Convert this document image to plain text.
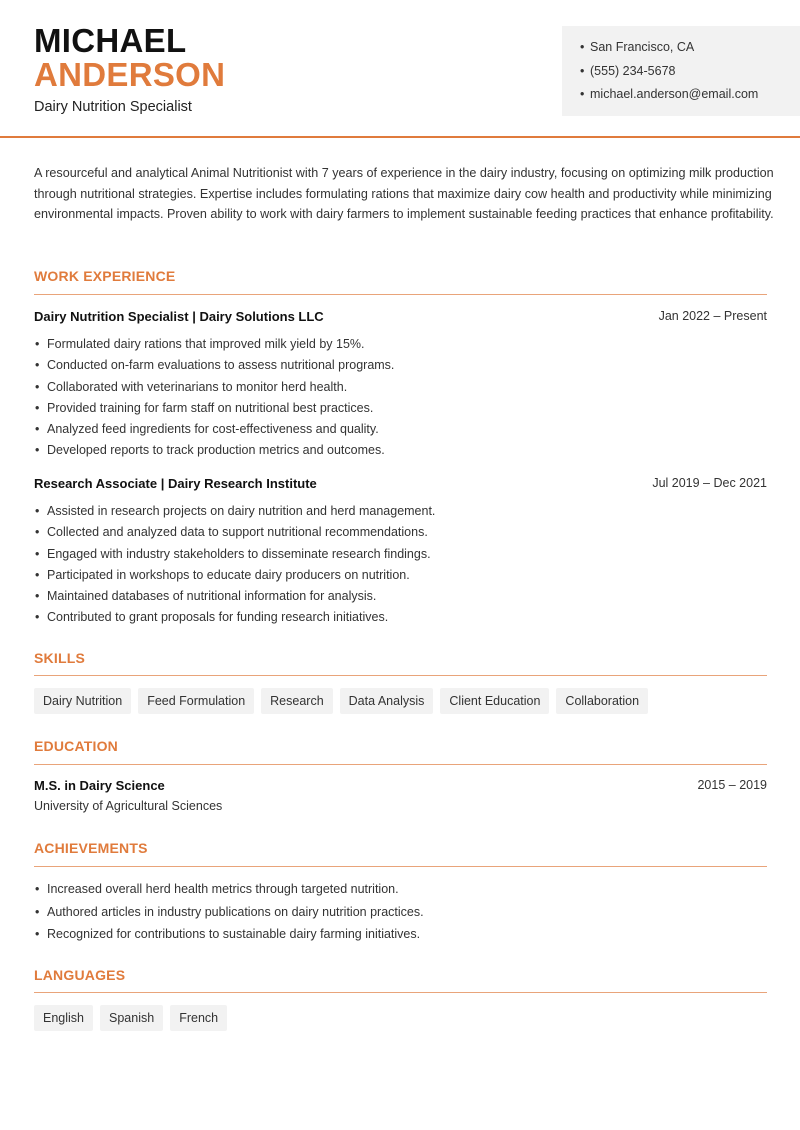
MICHAEL
ANDERSON
Dairy Nutrition Specialist
• San Francisco, CA
• (555) 234-5678
• michael.anderson@email.com

A resourceful and analytical Animal Nutritionist with 7 years of experience in the dairy industry, focusing on optimizing milk production through nutritional strategies. Expertise includes formulating rations that maximize dairy cow health and productivity while minimizing environmental impacts. Proven ability to work with dairy farmers to implement sustainable feeding practices that enhance profitability.

WORK EXPERIENCE
Dairy Nutrition Specialist | Dairy Solutions LLC	Jan 2022 – Present
• Formulated dairy rations that improved milk yield by 15%.
• Conducted on-farm evaluations to assess nutritional programs.
• Collaborated with veterinarians to monitor herd health.
• Provided training for farm staff on nutritional best practices.
• Analyzed feed ingredients for cost-effectiveness and quality.
• Developed reports to track production metrics and outcomes.
Research Associate | Dairy Research Institute	Jul 2019 – Dec 2021
• Assisted in research projects on dairy nutrition and herd management.
• Collected and analyzed data to support nutritional recommendations.
• Engaged with industry stakeholders to disseminate research findings.
• Participated in workshops to educate dairy producers on nutrition.
• Maintained databases of nutritional information for analysis.
• Contributed to grant proposals for funding research initiatives.
SKILLS
Dairy Nutrition	Feed Formulation	Research	Data Analysis	Client Education	Collaboration
EDUCATION
M.S. in Dairy Science	2015 – 2019
University of Agricultural Sciences
ACHIEVEMENTS
• Increased overall herd health metrics through targeted nutrition.
• Authored articles in industry publications on dairy nutrition practices.
• Recognized for contributions to sustainable dairy farming initiatives.
LANGUAGES
English	Spanish	French
